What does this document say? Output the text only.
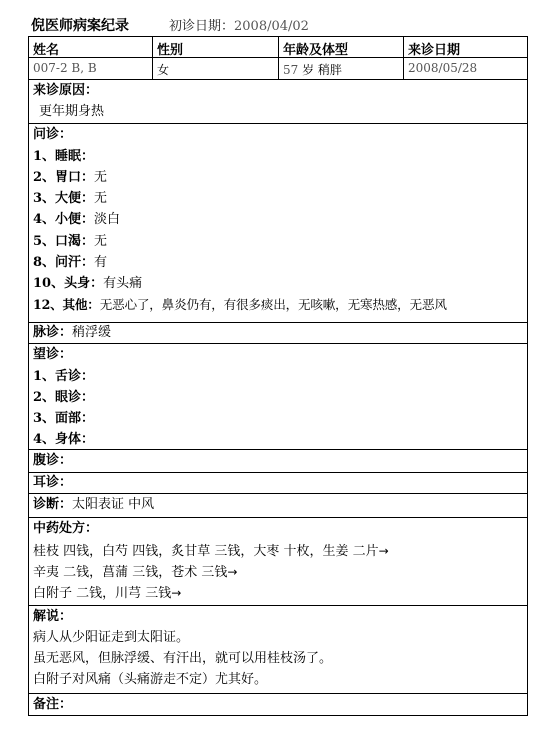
倪医师病案纪录	初诊日期：2008/04/02
姓名
007-2 B, B
性别
女
年龄及体型
57 岁 稍胖
来诊日期
2008/05/28
来诊原因：
更年期身热
问诊：
1、睡眠：
2、胃口：无
3、大便：无
4、小便：淡白
5、口渴：无
8、问汗：有
10、头身：有头痛
12、其他：无恶心了，鼻炎仍有，有很多痰出，无咳嗽，无寒热感，无恶风
脉诊：稍浮缓
望诊：
1、舌诊：
2、眼诊：
3、面部：
4、身体：
腹诊：
耳诊：
诊断：太阳表证 中风
中药处方：
桂枝 四钱，白芍 四钱，炙甘草 三钱，大枣 十枚，生姜 二片→
辛夷 二钱，菖蒲 三钱，苍术 三钱→
白附子 二钱，川芎 三钱→
解说：
病人从少阳证走到太阳证。
虽无恶风，但脉浮缓、有汗出，就可以用桂枝汤了。
白附子对风痛（头痛游走不定）尤其好。
备注：
